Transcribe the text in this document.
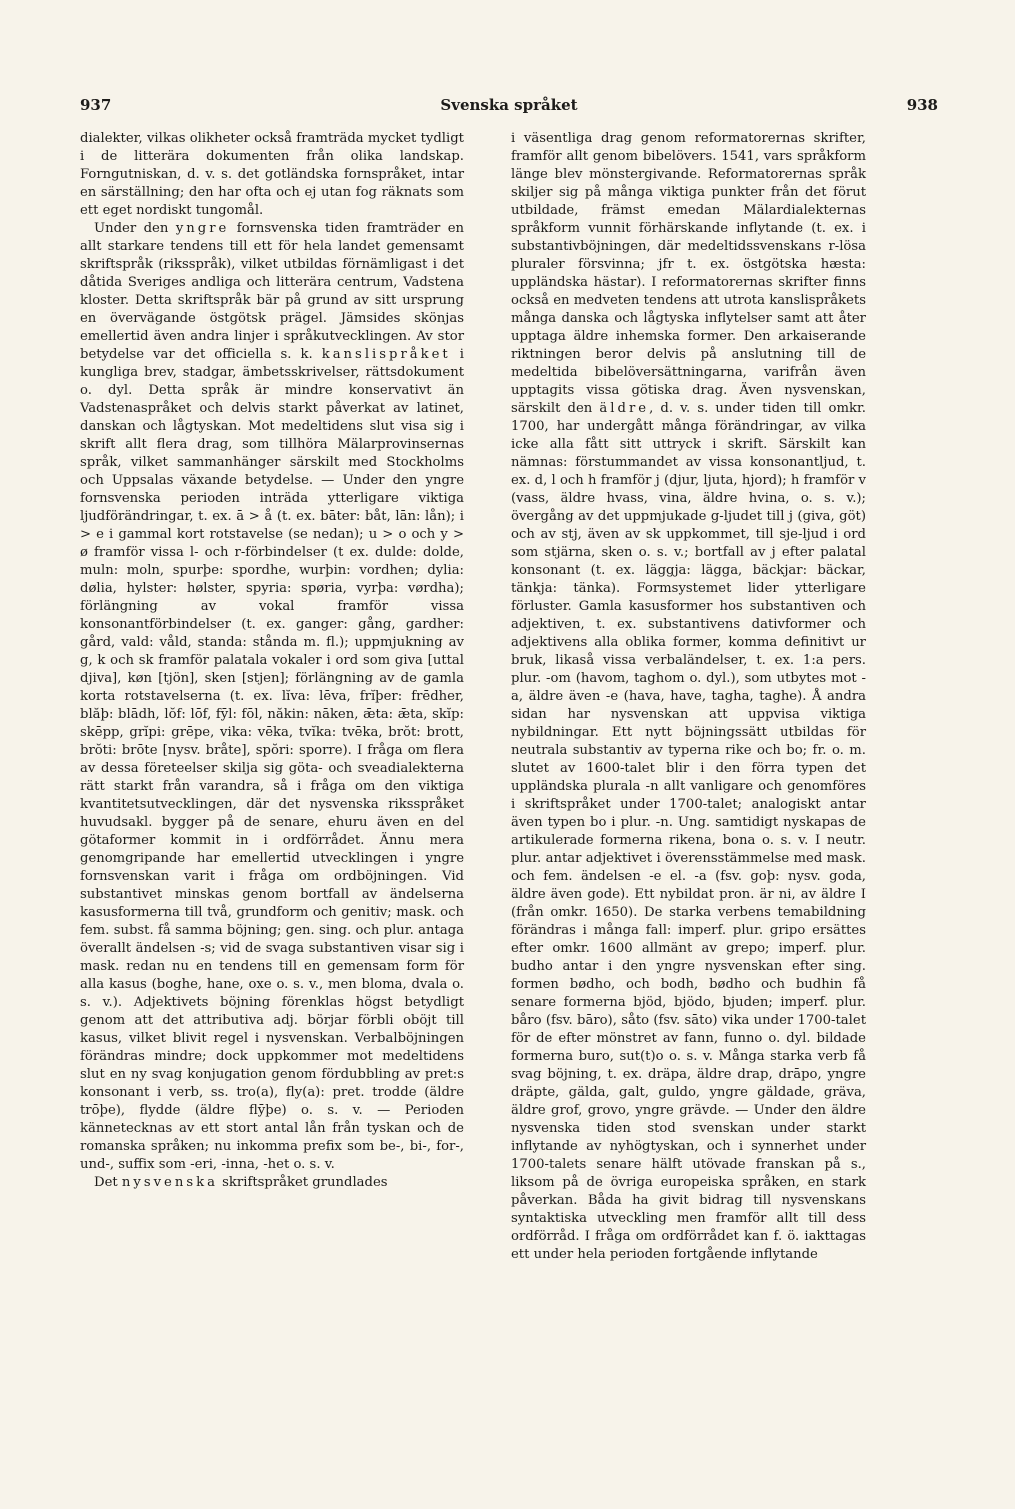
937	Svenska språket	938

dialekter, vilkas olikheter också framträda mycket tydligt i de litterära dokumenten från olika landskap. Forngutniskan, d. v. s. det gotländska fornspråket, intar en särställning; den har ofta och ej utan fog räknats som ett eget nordiskt tungomål.

Under den yngre fornsvenska tiden framträder en allt starkare tendens till ett för hela landet gemensamt skriftspråk (riksspråk), vilket utbildas förnämligast i det dåtida Sveriges andliga och litterära centrum, Vadstena kloster. Detta skriftspråk bär på grund av sitt ursprung en övervägande östgötsk prägel. Jämsides skönjas emellertid även andra linjer i språkutvecklingen. Av stor betydelse var det officiella s. k. kanslispråket i kungliga brev, stadgar, ämbetsskrivelser, rättsdokument o. dyl. Detta språk är mindre konservativt än Vadstenaspråket och delvis starkt påverkat av latinet, danskan och lågtyskan. Mot medeltidens slut visa sig i skrift allt flera drag, som tillhöra Mälarprovinsernas språk, vilket sammanhänger särskilt med Stockholms och Uppsalas växande betydelse. — Under den yngre fornsvenska perioden inträda ytterligare viktiga ljudförändringar, t. ex. ā > å (t. ex. bāter: båt, lān: lån); i > e i gammal kort rotstavelse (se nedan); u > o och y > ø framför vissa l- och r-förbindelser (t ex. dulde: dolde, muln: moln, spurþe: spordhe, wurþin: vordhen; dylia: dølia, hylster: hølster, spyria: spøria, vyrþa: vørdha); förlängning av vokal framför vissa konsonantförbindelser (t. ex. ganger: gång, gardher: gård, vald: våld, standa: stånda m. fl.); uppmjukning av g, k och sk framför palatala vokaler i ord som giva [uttal djiva], køn [tjön], sken [stjen]; förlängning av de gamla korta rotstavelserna (t. ex. lĭva: lēva, frĭþer: frēdher, blăþ: blādh, lŏf: lōf, fȳl: fōl, năkin: nāken, ǣta: ǣta, skĭp: skēpp, grĭpi: grēpe, vika: vēka, tvĭka: tvēka, brŏt: brott, brŏti: brōte [nysv. bråte], spŏri: sporre). I fråga om flera av dessa företeelser skilja sig göta- och sveadialekterna rätt starkt från varandra, så i fråga om den viktiga kvantitetsutvecklingen, där det nysvenska riksspråket huvudsakl. bygger på de senare, ehuru även en del götaformer kommit in i ordförrådet. Ännu mera genomgripande har emellertid utvecklingen i yngre fornsvenskan varit i fråga om ordböjningen. Vid substantivet minskas genom bortfall av ändelserna kasusformerna till två, grundform och genitiv; mask. och fem. subst. få samma böjning; gen. sing. och plur. antaga överallt ändelsen -s; vid de svaga substantiven visar sig i mask. redan nu en tendens till en gemensam form för alla kasus (boghe, hane, oxe o. s. v., men bloma, dvala o. s. v.). Adjektivets böjning förenklas högst betydligt genom att det attributiva adj. börjar förbli oböjt till kasus, vilket blivit regel i nysvenskan. Verbalböjningen förändras mindre; dock uppkommer mot medeltidens slut en ny svag konjugation genom fördubbling av pret:s konsonant i verb, ss. tro(a), fly(a): pret. trodde (äldre trōþe), flydde (äldre flȳþe) o. s. v. — Perioden kännetecknas av ett stort antal lån från tyskan och de romanska språken; nu inkomma prefix som be-, bi-, for-, und-, suffix som -eri, -inna, -het o. s. v.

Det nysvenska skriftspråket grundlades

i väsentliga drag genom reformatorernas skrifter, framför allt genom bibelövers. 1541, vars språkform länge blev mönstergivande. Reformatorernas språk skiljer sig på många viktiga punkter från det förut utbildade, främst emedan Mälardialekternas språkform vunnit förhärskande inflytande (t. ex. i substantivböjningen, där medeltidssvenskans r-lösa pluraler försvinna; jfr t. ex. östgötska hæsta: uppländska hästar). I reformatorernas skrifter finns också en medveten tendens att utrota kanslispråkets många danska och lågtyska inflytelser samt att åter upptaga äldre inhemska former. Den arkaiserande riktningen beror delvis på anslutning till de medeltida bibelöversättningarna, varifrån även upptagits vissa götiska drag. Även nysvenskan, särskilt den äldre, d. v. s. under tiden till omkr. 1700, har undergått många förändringar, av vilka icke alla fått sitt uttryck i skrift. Särskilt kan nämnas: förstummandet av vissa konsonantljud, t. ex. d, l och h framför j (djur, ljuta, hjord); h framför v (vass, äldre hvass, vina, äldre hvina, o. s. v.); övergång av det uppmjukade g-ljudet till j (giva, göt) och av stj, även av sk uppkommet, till sje-ljud i ord som stjärna, sken o. s. v.; bortfall av j efter palatal konsonant (t. ex. läggja: lägga, bäckjar: bäckar, tänkja: tänka). Formsystemet lider ytterligare förluster. Gamla kasusformer hos substantiven och adjektiven, t. ex. substantivens dativformer och adjektivens alla oblika former, komma definitivt ur bruk, likaså vissa verbaländelser, t. ex. 1:a pers. plur. -om (havom, taghom o. dyl.), som utbytes mot -a, äldre även -e (hava, have, tagha, taghe). Å andra sidan har nysvenskan att uppvisa viktiga nybildningar. Ett nytt böjningssätt utbildas för neutrala substantiv av typerna rike och bo; fr. o. m. slutet av 1600-talet blir i den förra typen det uppländska plurala -n allt vanligare och genomföres i skriftspråket under 1700-talet; analogiskt antar även typen bo i plur. -n. Ung. samtidigt nyskapas de artikulerade formerna rikena, bona o. s. v. I neutr. plur. antar adjektivet i överensstämmelse med mask. och fem. ändelsen -e el. -a (fsv. goþ: nysv. goda, äldre även gode). Ett nybildat pron. är ni, av äldre I (från omkr. 1650). De starka verbens temabildning förändras i många fall: imperf. plur. gripo ersättes efter omkr. 1600 allmänt av grepo; imperf. plur. budho antar i den yngre nysvenskan efter sing. formen bødho, och bodh, bødho och budhin få senare formerna bjöd, bjödo, bjuden; imperf. plur. båro (fsv. bāro), såto (fsv. sāto) vika under 1700-talet för de efter mönstret av fann, funno o. dyl. bildade formerna buro, sut(t)o o. s. v. Många starka verb få svag böjning, t. ex. dräpa, äldre drap, drāpo, yngre dräpte, gälda, galt, guldo, yngre gäldade, gräva, äldre grof, grovo, yngre grävde. — Under den äldre nysvenska tiden stod svenskan under starkt inflytande av nyhögtyskan, och i synnerhet under 1700-talets senare hälft utövade franskan på s., liksom på de övriga europeiska språken, en stark påverkan. Båda ha givit bidrag till nysvenskans syntaktiska utveckling men framför allt till dess ordförråd. I fråga om ordförrådet kan f. ö. iakttagas ett under hela perioden fortgående inflytande
